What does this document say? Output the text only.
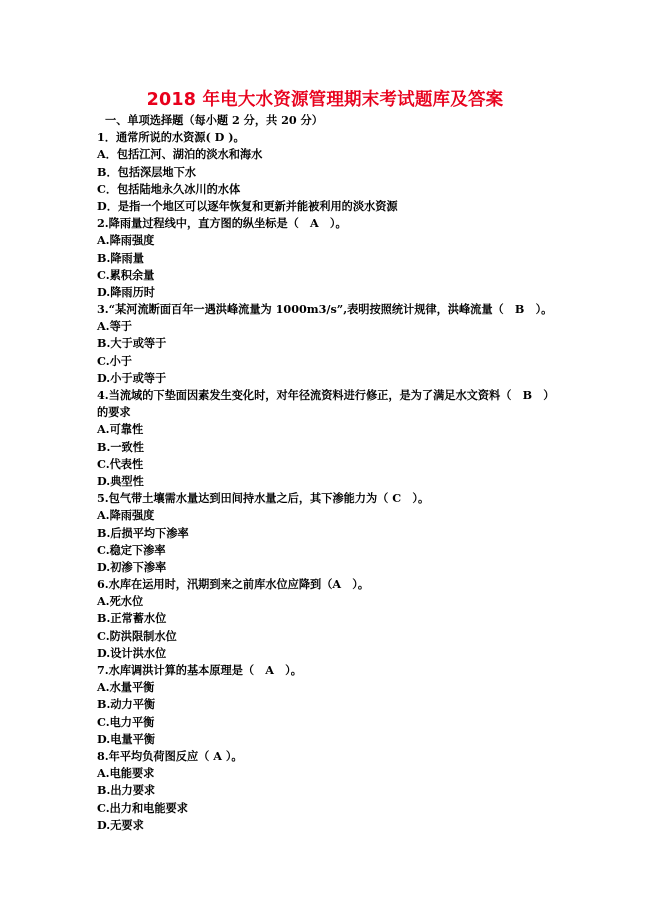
2018 年电大水资源管理期末考试题库及答案
一、单项选择题（每小题 2 分，共 20 分）
1．通常所说的水资源( D )。
A．包括江河、湖泊的淡水和海水
B．包括深层地下水
C．包括陆地永久冰川的水体
D．是指一个地区可以逐年恢复和更新并能被利用的淡水资源
2.降雨量过程线中，直方图的纵坐标是（　A　）。
A.降雨强度
B.降雨量
C.累积余量
D.降雨历时
3.“某河流断面百年一遇洪峰流量为 1000m3/s”,表明按照统计规律，洪峰流量（　B　）。
A.等于
B.大于或等于
C.小于
D.小于或等于
4.当流域的下垫面因素发生变化时，对年径流资料进行修正，是为了满足水文资料（　B　）
的要求
A.可靠性
B.一致性
C.代表性
D.典型性
5.包气带土壤需水量达到田间持水量之后，其下渗能力为（ C　）。
A.降雨强度
B.后损平均下渗率
C.稳定下渗率
D.初渗下渗率
6.水库在运用时，汛期到来之前库水位应降到（A　）。
A.死水位
B.正常蓄水位
C.防洪限制水位
D.设计洪水位
7.水库调洪计算的基本原理是（　A　）。
A.水量平衡
B.动力平衡
C.电力平衡
D.电量平衡
8.年平均负荷图反应（ A ）。
A.电能要求
B.出力要求
C.出力和电能要求
D.无要求
